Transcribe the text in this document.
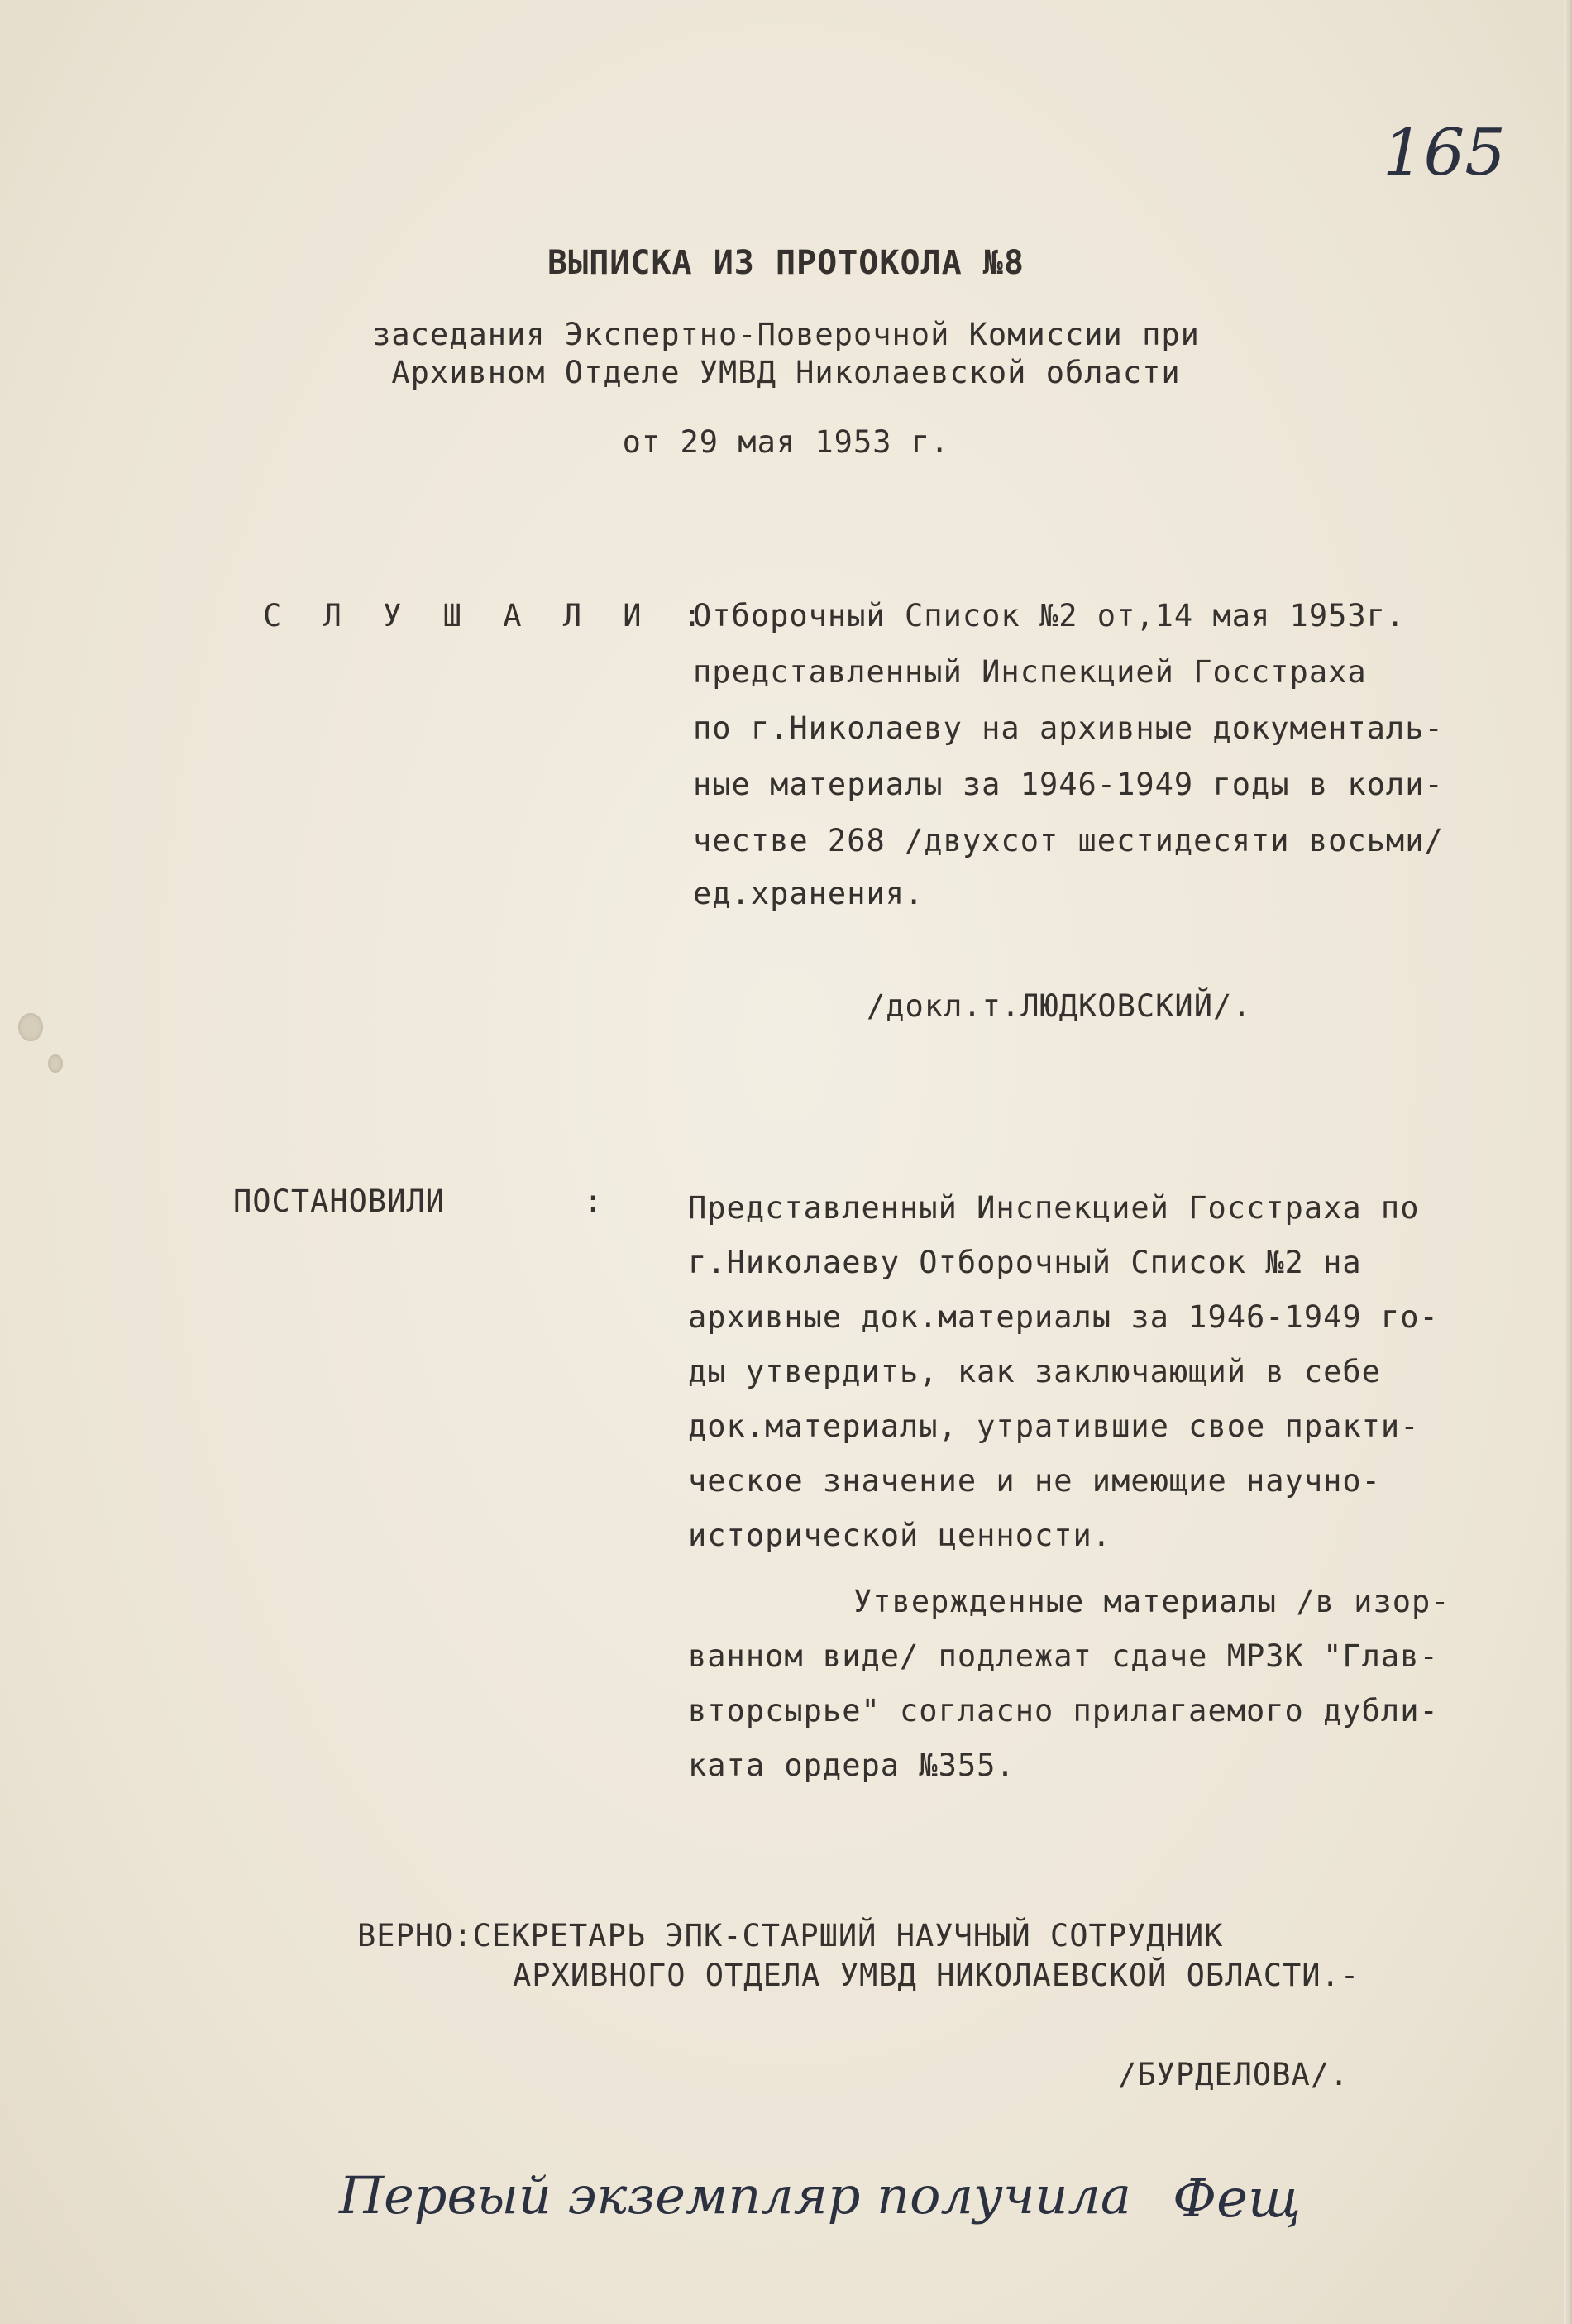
165
ВЫПИСКА ИЗ ПРОТОКОЛА №8
заседания Экспертно-Поверочной Комиссии при
Архивном Отделе УМВД Николаевской области
от 29 мая 1953 г.
С Л У Ш А Л И :
Отборочный Список №2 от,14 мая 1953г.
представленный Инспекцией Госстраха
по г.Николаеву на архивные документаль-
ные материалы за 1946-1949 годы в коли-
честве 268 /двухсот шестидесяти восьми/
ед.хранения.
/докл.т.ЛЮДКОВСКИЙ/.
ПОСТАНОВИЛИ	:	Представленный Инспекцией Госстраха по
г.Николаеву Отборочный Список №2 на
архивные док.материалы за 1946-1949 го-
ды утвердить, как заключающий в себе
док.материалы, утратившие свое практи-
ческое значение и не имеющие научно-
исторической ценности.
Утвержденные материалы /в изор-
ванном виде/ подлежат сдаче МРЗК "Глав-
вторсырье" согласно прилагаемого дубли-
ката ордера №355.
ВЕРНО:СЕКРЕТАРЬ ЭПК-СТАРШИЙ НАУЧНЫЙ СОТРУДНИК
АРХИВНОГО ОТДЕЛА УМВД НИКОЛАЕВСКОЙ ОБЛАСТИ.-
/БУРДЕЛОВА/.
Первый экземпляр получила Фещ
